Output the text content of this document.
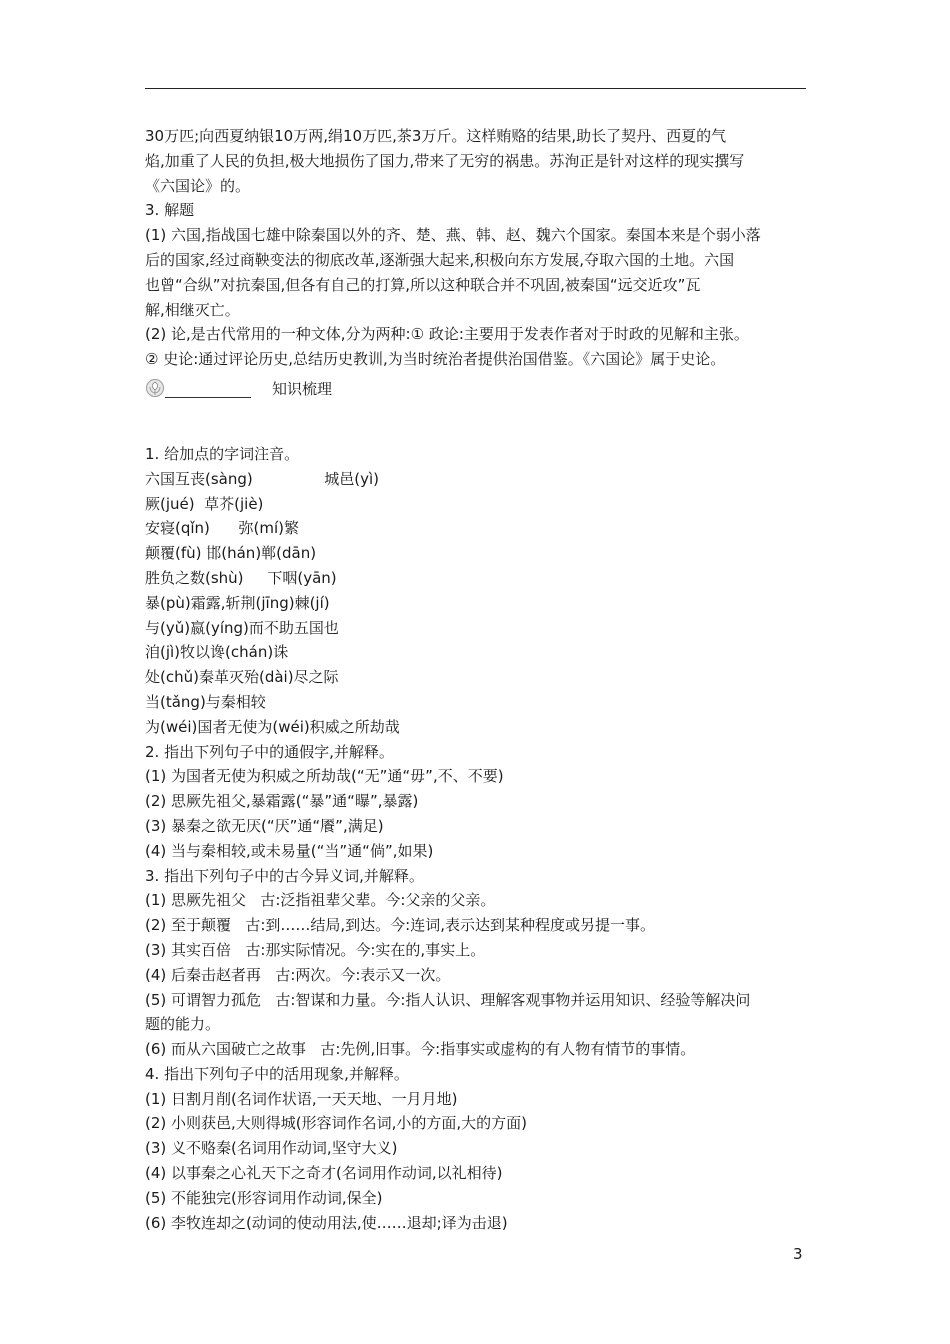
30万匹;向西夏纳银10万两,绢10万匹,茶3万斤。这样贿赂的结果,助长了契丹、西夏的气
焰,加重了人民的负担,极大地损伤了国力,带来了无穷的祸患。苏洵正是针对这样的现实撰写
《六国论》的。
3. 解题
(1) 六国,指战国七雄中除秦国以外的齐、楚、燕、韩、赵、魏六个国家。秦国本来是个弱小落
后的国家,经过商鞅变法的彻底改革,逐渐强大起来,积极向东方发展,夺取六国的土地。六国
也曾“合纵”对抗秦国,但各有自己的打算,所以这种联合并不巩固,被秦国“远交近攻”瓦
解,相继灭亡。
(2) 论,是古代常用的一种文体,分为两种:① 政论:主要用于发表作者对于时政的见解和主张。
② 史论:通过评论历史,总结历史教训,为当时统治者提供治国借鉴。《六国论》属于史论。
知识梳理
1. 给加点的字词注音。
六国互丧(sàng)               城邑(yì)
厥(jué)  草芥(jiè)
安寝(qǐn)      弥(mí)繁
颠覆(fù) 邯(hán)郸(dān)
胜负之数(shù)     下咽(yān)
暴(pù)霜露,斩荆(jīng)棘(jí)
与(yǔ)嬴(yíng)而不助五国也
洎(jì)牧以谗(chán)诛
处(chǔ)秦革灭殆(dài)尽之际
当(tǎng)与秦相较
为(wéi)国者无使为(wéi)积威之所劫哉
2. 指出下列句子中的通假字,并解释。
(1) 为国者无使为积威之所劫哉(“无”通“毋”,不、不要)
(2) 思厥先祖父,暴霜露(“暴”通“曝”,暴露)
(3) 暴秦之欲无厌(“厌”通“餍”,满足)
(4) 当与秦相较,或未易量(“当”通“倘”,如果)
3. 指出下列句子中的古今异义词,并解释。
(1) 思厥先祖父   古:泛指祖辈父辈。今:父亲的父亲。
(2) 至于颠覆   古:到……结局,到达。今:连词,表示达到某种程度或另提一事。
(3) 其实百倍   古:那实际情况。今:实在的,事实上。
(4) 后秦击赵者再   古:两次。今:表示又一次。
(5) 可谓智力孤危   古:智谋和力量。今:指人认识、理解客观事物并运用知识、经验等解决问
题的能力。
(6) 而从六国破亡之故事   古:先例,旧事。今:指事实或虚构的有人物有情节的事情。
4. 指出下列句子中的活用现象,并解释。
(1) 日割月削(名词作状语,一天天地、一月月地)
(2) 小则获邑,大则得城(形容词作名词,小的方面,大的方面)
(3) 义不赂秦(名词用作动词,坚守大义)
(4) 以事秦之心礼天下之奇才(名词用作动词,以礼相待)
(5) 不能独完(形容词用作动词,保全)
(6) 李牧连却之(动词的使动用法,使……退却;译为击退)
3
